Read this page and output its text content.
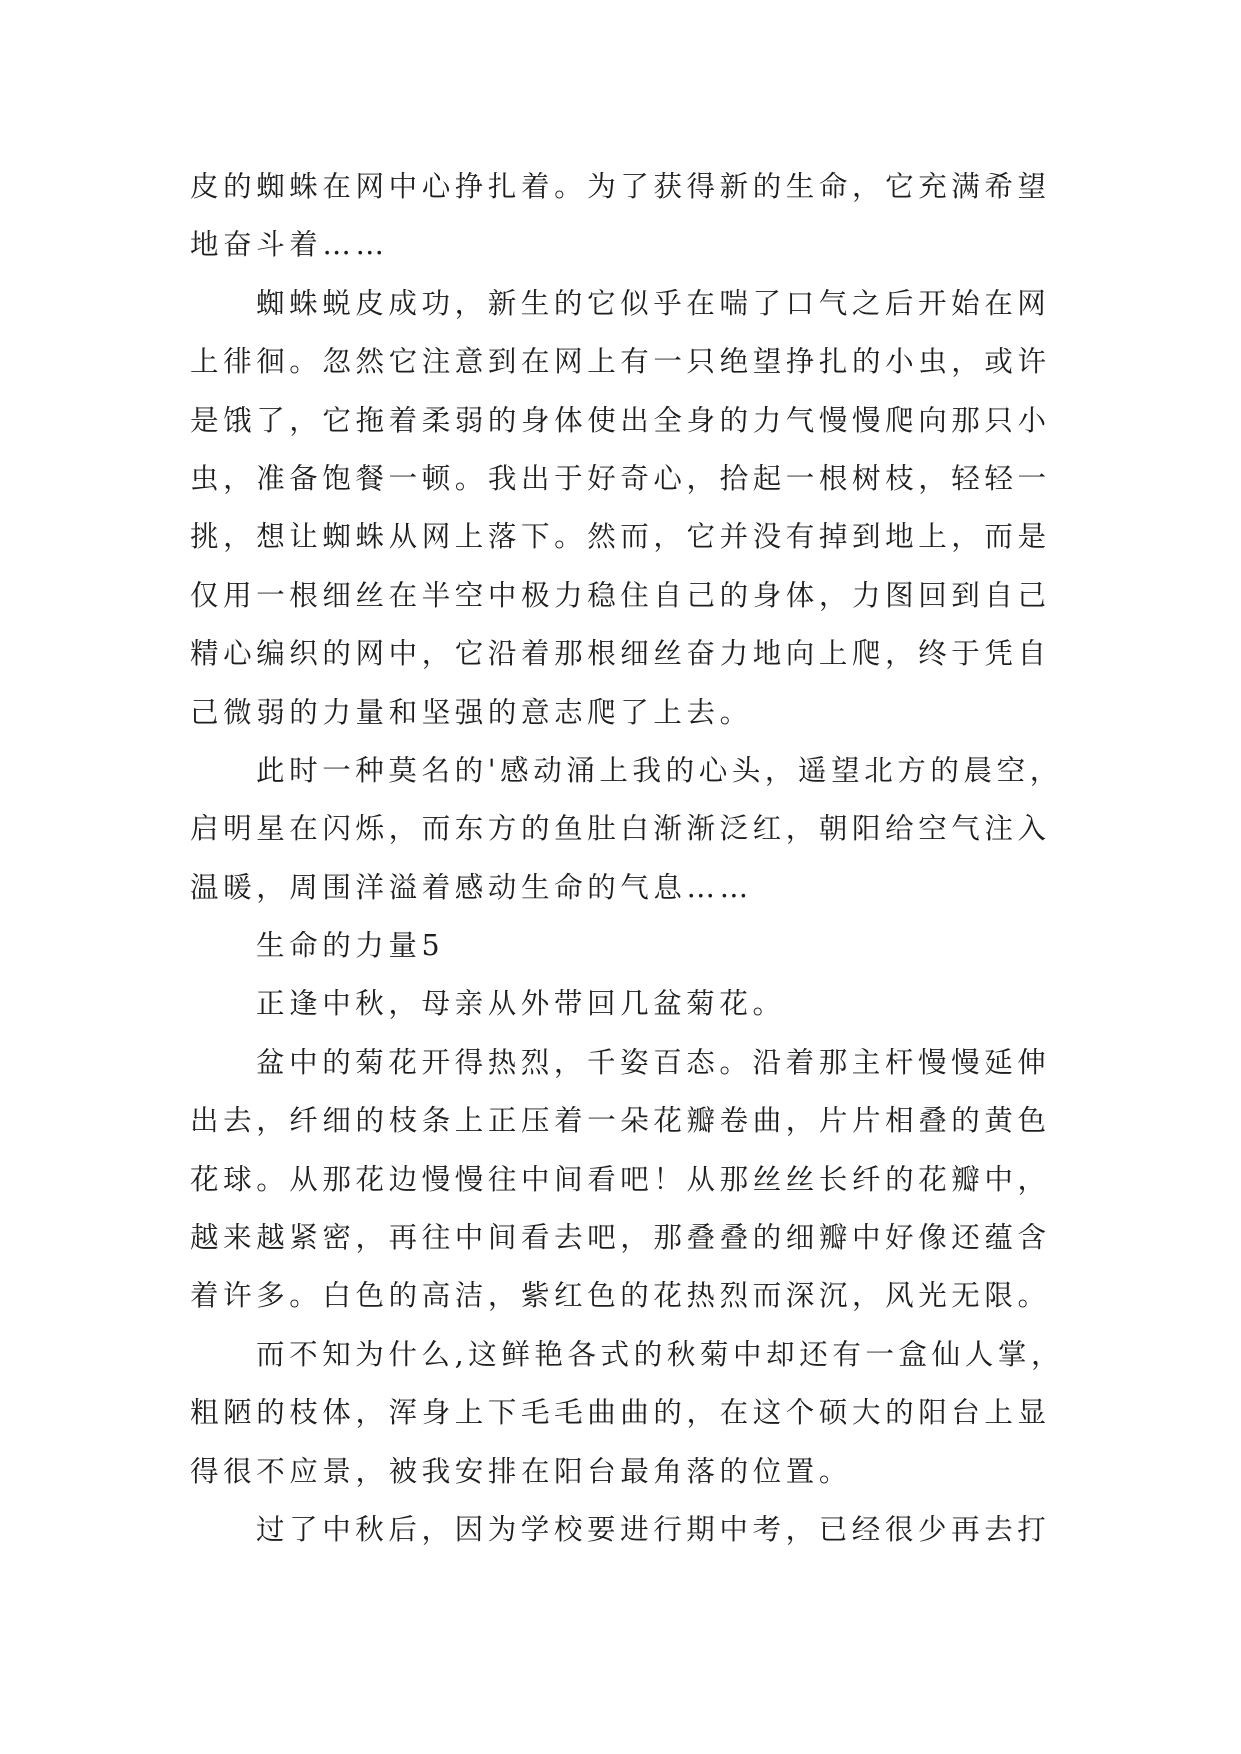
皮的蜘蛛在网中心挣扎着。为了获得新的生命，它充满希望
地奋斗着……
蜘蛛蜕皮成功，新生的它似乎在喘了口气之后开始在网
上徘徊。忽然它注意到在网上有一只绝望挣扎的小虫，或许
是饿了，它拖着柔弱的身体使出全身的力气慢慢爬向那只小
虫，准备饱餐一顿。我出于好奇心，拾起一根树枝，轻轻一
挑，想让蜘蛛从网上落下。然而，它并没有掉到地上，而是
仅用一根细丝在半空中极力稳住自己的身体，力图回到自己
精心编织的网中，它沿着那根细丝奋力地向上爬，终于凭自
己微弱的力量和坚强的意志爬了上去。
此时一种莫名的'感动涌上我的心头，遥望北方的晨空，
启明星在闪烁，而东方的鱼肚白渐渐泛红，朝阳给空气注入
温暖，周围洋溢着感动生命的气息……
生命的力量5
正逢中秋，母亲从外带回几盆菊花。
盆中的菊花开得热烈，千姿百态。沿着那主杆慢慢延伸
出去，纤细的枝条上正压着一朵花瓣卷曲，片片相叠的黄色
花球。从那花边慢慢往中间看吧！从那丝丝长纤的花瓣中，
越来越紧密，再往中间看去吧，那叠叠的细瓣中好像还蕴含
着许多。白色的高洁，紫红色的花热烈而深沉，风光无限。
而不知为什么,这鲜艳各式的秋菊中却还有一盒仙人掌，
粗陋的枝体，浑身上下毛毛曲曲的，在这个硕大的阳台上显
得很不应景，被我安排在阳台最角落的位置。
过了中秋后，因为学校要进行期中考，已经很少再去打
